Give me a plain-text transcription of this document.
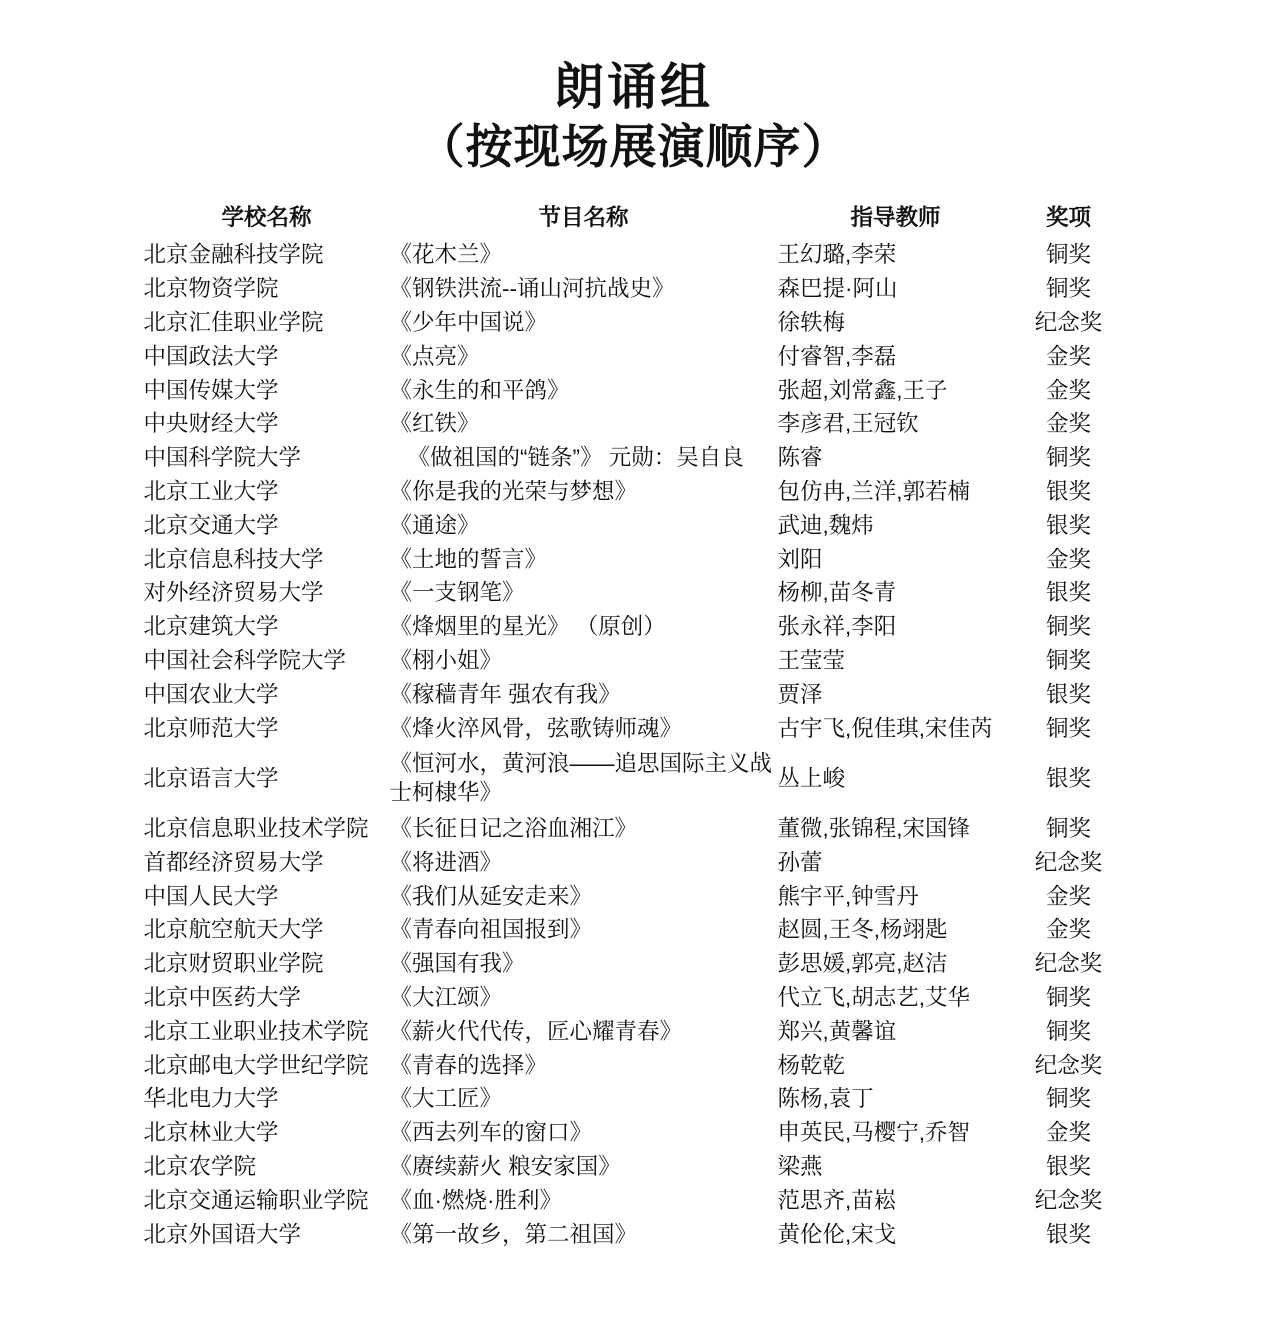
朗诵组
（按现场展演顺序）
学校名称	节目名称	指导教师	奖项
北京金融科技学院	《花木兰》	王幻璐,李荣	铜奖
北京物资学院	《钢铁洪流--诵山河抗战史》	森巴提·阿山	铜奖
北京汇佳职业学院	《少年中国说》	徐轶梅	纪念奖
中国政法大学	《点亮》	付睿智,李磊	金奖
中国传媒大学	《永生的和平鸽》	张超,刘常鑫,王子	金奖
中央财经大学	《红铁》	李彦君,王冠钦	金奖
中国科学院大学	《做祖国的“链条”》 元勋：吴自良	陈睿	铜奖
北京工业大学	《你是我的光荣与梦想》	包仿冉,兰洋,郭若楠	银奖
北京交通大学	《通途》	武迪,魏炜	银奖
北京信息科技大学	《土地的誓言》	刘阳	金奖
对外经济贸易大学	《一支钢笔》	杨柳,苗冬青	银奖
北京建筑大学	《烽烟里的星光》 （原创）	张永祥,李阳	铜奖
中国社会科学院大学	《栩小姐》	王莹莹	铜奖
中国农业大学	《稼穑青年 强农有我》	贾泽	银奖
北京师范大学	《烽火淬风骨，弦歌铸师魂》	古宇飞,倪佳琪,宋佳芮	铜奖
北京语言大学	《恒河水，黄河浪——追思国际主义战士柯棣华》	丛上峻	银奖
北京信息职业技术学院	《长征日记之浴血湘江》	董微,张锦程,宋国锋	铜奖
首都经济贸易大学	《将进酒》	孙蕾	纪念奖
中国人民大学	《我们从延安走来》	熊宇平,钟雪丹	金奖
北京航空航天大学	《青春向祖国报到》	赵圆,王冬,杨翊匙	金奖
北京财贸职业学院	《强国有我》	彭思媛,郭亮,赵洁	纪念奖
北京中医药大学	《大江颂》	代立飞,胡志艺,艾华	铜奖
北京工业职业技术学院	《薪火代代传，匠心耀青春》	郑兴,黄馨谊	铜奖
北京邮电大学世纪学院	《青春的选择》	杨乾乾	纪念奖
华北电力大学	《大工匠》	陈杨,袁丁	铜奖
北京林业大学	《西去列车的窗口》	申英民,马樱宁,乔智	金奖
北京农学院	《赓续薪火 粮安家国》	梁燕	银奖
北京交通运输职业学院	《血·燃烧·胜利》	范思齐,苗崧	纪念奖
北京外国语大学	《第一故乡，第二祖国》	黄伦伦,宋戈	银奖
